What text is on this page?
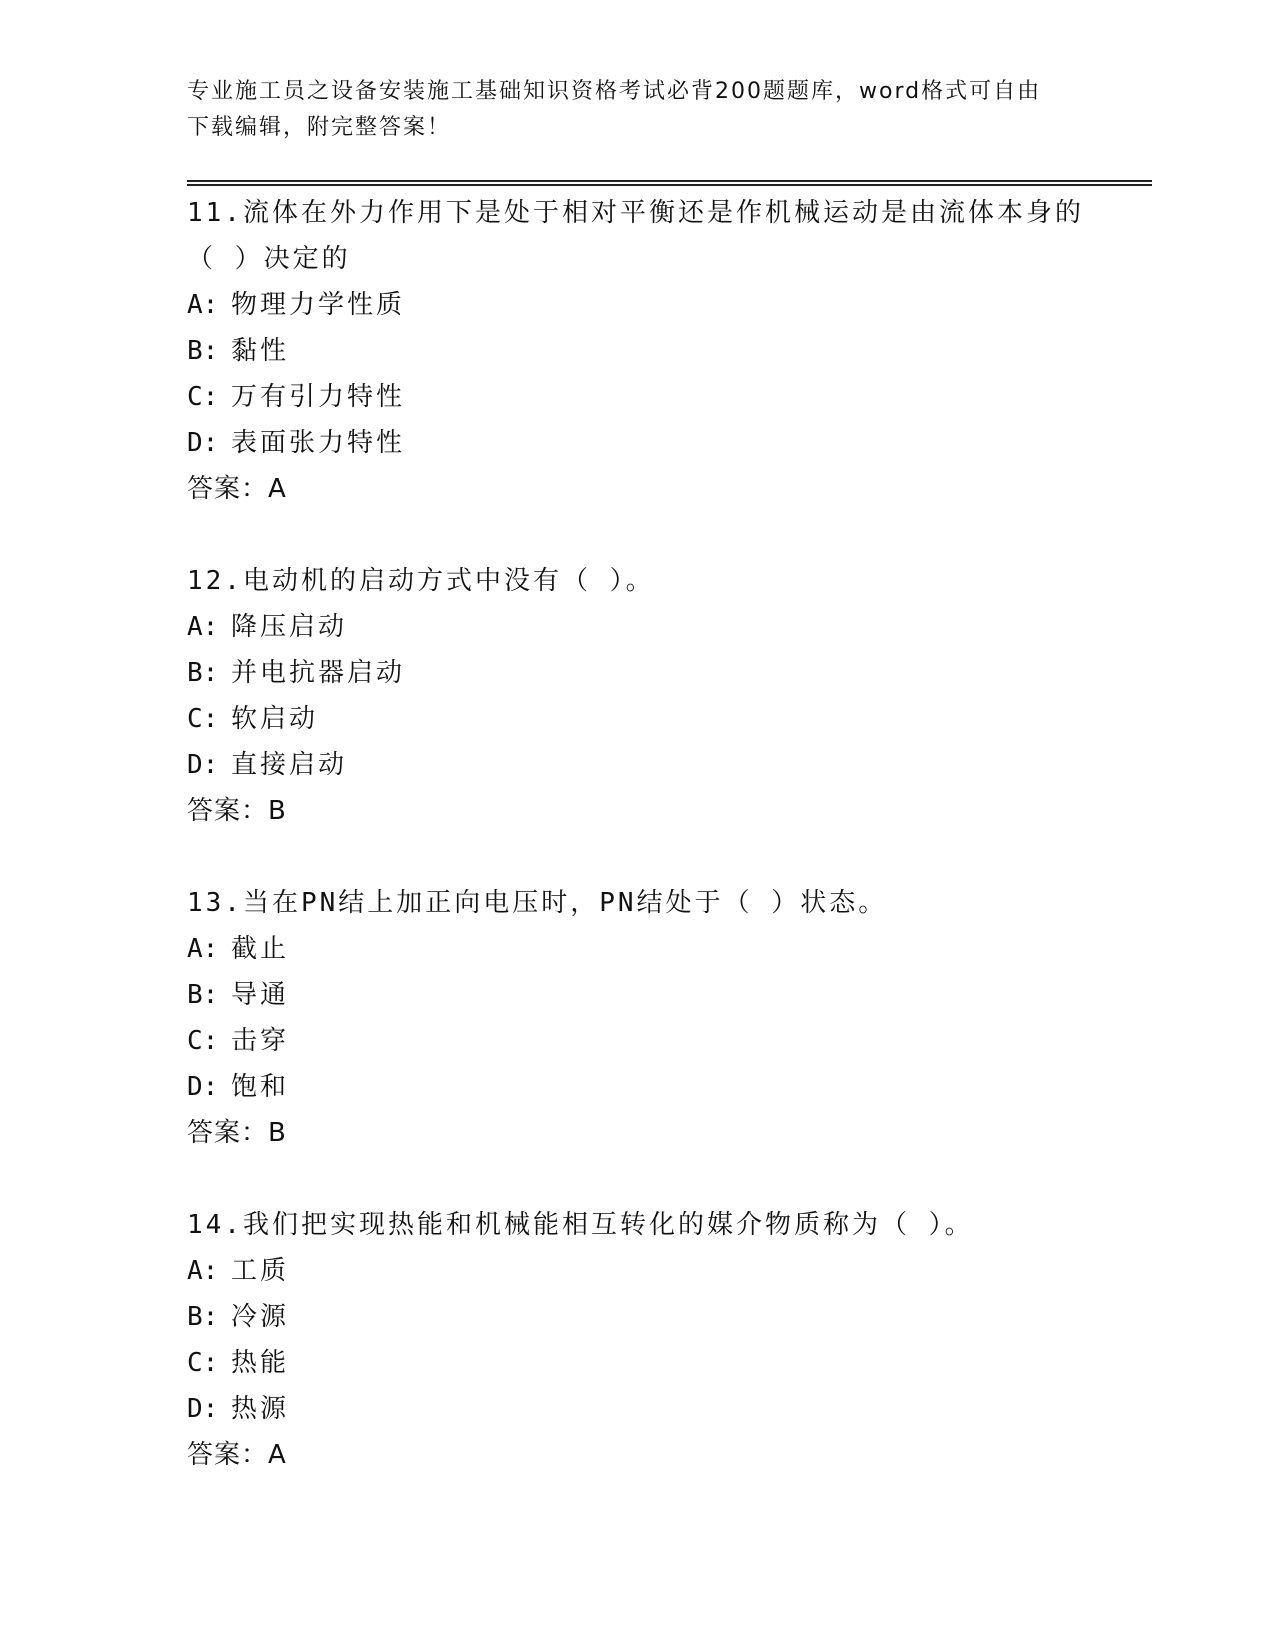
专业施工员之设备安装施工基础知识资格考试必背200题题库，word格式可自由
下载编辑，附完整答案！
11.流体在外力作用下是处于相对平衡还是作机械运动是由流体本身的
（ ）决定的
A: 物理力学性质
B: 黏性
C: 万有引力特性
D: 表面张力特性
答案：A
12.电动机的启动方式中没有（ ）。
A: 降压启动
B: 并电抗器启动
C: 软启动
D: 直接启动
答案：B
13.当在PN结上加正向电压时，PN结处于（ ）状态。
A: 截止
B: 导通
C: 击穿
D: 饱和
答案：B
14.我们把实现热能和机械能相互转化的媒介物质称为（ ）。
A: 工质
B: 冷源
C: 热能
D: 热源
答案：A
